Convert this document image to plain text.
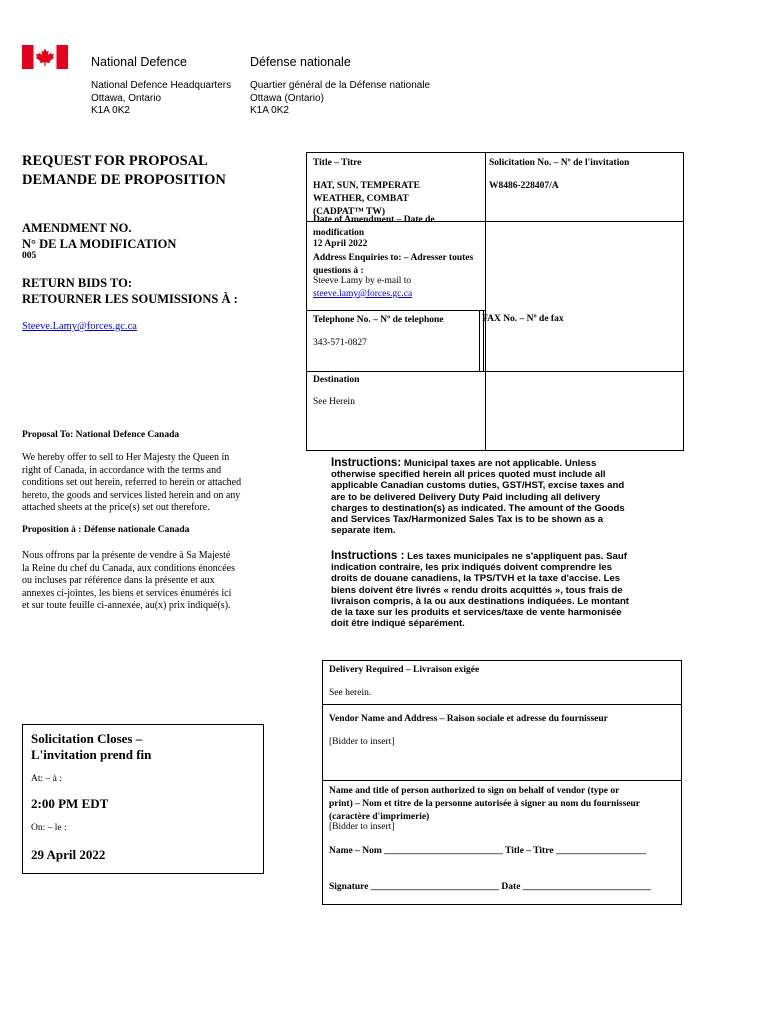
National Defence	Défense nationale
National Defence Headquarters
Ottawa, Ontario
K1A 0K2
Quartier général de la Défense nationale
Ottawa (Ontario)
K1A 0K2
REQUEST FOR PROPOSAL
DEMANDE DE PROPOSITION
AMENDMENT NO.
N° DE LA MODIFICATION
005
RETURN BIDS TO:
RETOURNER LES SOUMISSIONS À :
Steeve.Lamy@forces.gc.ca
Proposal To: National Defence Canada
We hereby offer to sell to Her Majesty the Queen in
right of Canada, in accordance with the terms and
conditions set out herein, referred to herein or attached
hereto, the goods and services listed herein and on any
attached sheets at the price(s) set out therefore.
Proposition à : Défense nationale Canada
Nous offrons par la présente de vendre à Sa Majesté
la Reine du chef du Canada, aux conditions énoncées
ou incluses par référence dans la présente et aux
annexes ci-jointes, les biens et services énumérés ici
et sur toute feuille ci-annexée, au(x) prix indiqué(s).
Solicitation Closes –
L'invitation prend fin
At: – à :
2:00 PM EDT
On: – le :
29 April 2022
Title – Titre
HAT, SUN, TEMPERATE
WEATHER, COMBAT
(CADPAT™ TW)
Solicitation No. – Nº de l'invitation
W8486-228407/A
Date of Amendment – Date de modification
12 April 2022
Address Enquiries to: – Adresser toutes questions à :
Steeve Lamy by e-mail to steeve.lamy@forces.gc.ca
Telephone No. – Nº de telephone
343-571-0827
FAX No. – Nº de fax
Destination
See Herein
Instructions: Municipal taxes are not applicable. Unless
otherwise specified herein all prices quoted must include all
applicable Canadian customs duties, GST/HST, excise taxes and
are to be delivered Delivery Duty Paid including all delivery
charges to destination(s) as indicated. The amount of the Goods
and Services Tax/Harmonized Sales Tax is to be shown as a
separate item.
Instructions : Les taxes municipales ne s'appliquent pas. Sauf
indication contraire, les prix indiqués doivent comprendre les
droits de douane canadiens, la TPS/TVH et la taxe d'accise. Les
biens doivent être livrés « rendu droits acquittés », tous frais de
livraison compris, à la ou aux destinations indiquées. Le montant
de la taxe sur les produits et services/taxe de vente harmonisée
doit être indiqué séparément.
Delivery Required – Livraison exigée
See herein.
Vendor Name and Address – Raison sociale et adresse du fournisseur
[Bidder to insert]
Name and title of person authorized to sign on behalf of vendor (type or
print) – Nom et titre de la personne autorisée à signer au nom du fournisseur
(caractère d'imprimerie)
[Bidder to insert]
Name – Nom _________________________ Title – Titre ___________________
Signature ___________________________ Date ___________________________
